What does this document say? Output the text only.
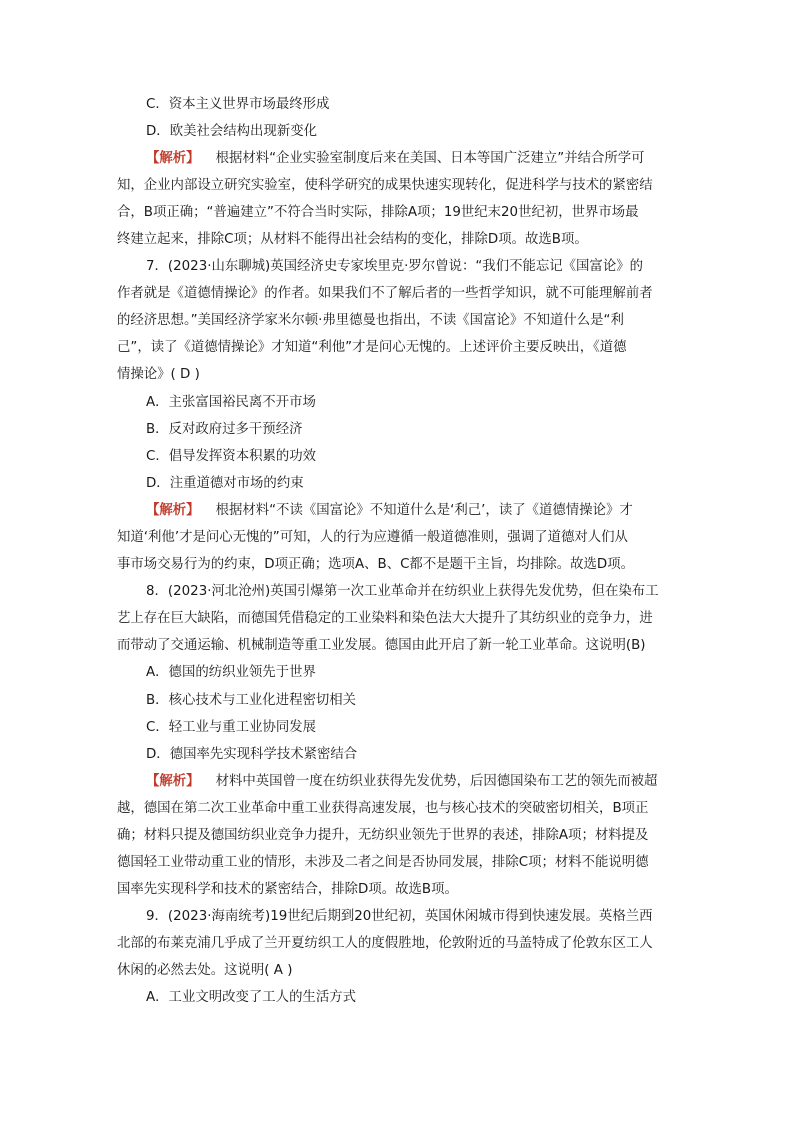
C．资本主义世界市场最终形成
D．欧美社会结构出现新变化
【解析】 根据材料“企业实验室制度后来在美国、日本等国广泛建立”并结合所学可
知，企业内部设立研究实验室，使科学研究的成果快速实现转化，促进科学与技术的紧密结
合，B项正确；“普遍建立”不符合当时实际，排除A项；19世纪末20世纪初，世界市场最
终建立起来，排除C项；从材料不能得出社会结构的变化，排除D项。故选B项。
7．(2023·山东聊城)英国经济史专家埃里克·罗尔曾说：“我们不能忘记《国富论》的
作者就是《道德情操论》的作者。如果我们不了解后者的一些哲学知识，就不可能理解前者
的经济思想。”美国经济学家米尔顿·弗里德曼也指出，不读《国富论》不知道什么是“利
己”，读了《道德情操论》才知道“利他”才是问心无愧的。上述评价主要反映出，《道德
情操论》( D )
A．主张富国裕民离不开市场
B．反对政府过多干预经济
C．倡导发挥资本积累的功效
D．注重道德对市场的约束
【解析】 根据材料“不读《国富论》不知道什么是‘利己’，读了《道德情操论》才
知道‘利他’才是问心无愧的”可知，人的行为应遵循一般道德准则，强调了道德对人们从
事市场交易行为的约束，D项正确；选项A、B、C都不是题干主旨，均排除。故选D项。
8．(2023·河北沧州)英国引爆第一次工业革命并在纺织业上获得先发优势，但在染布工
艺上存在巨大缺陷，而德国凭借稳定的工业染料和染色法大大提升了其纺织业的竞争力，进
而带动了交通运输、机械制造等重工业发展。德国由此开启了新一轮工业革命。这说明(B)
A．德国的纺织业领先于世界
B．核心技术与工业化进程密切相关
C．轻工业与重工业协同发展
D．德国率先实现科学技术紧密结合
【解析】 材料中英国曾一度在纺织业获得先发优势，后因德国染布工艺的领先而被超
越，德国在第二次工业革命中重工业获得高速发展，也与核心技术的突破密切相关，B项正
确；材料只提及德国纺织业竞争力提升，无纺织业领先于世界的表述，排除A项；材料提及
德国轻工业带动重工业的情形，未涉及二者之间是否协同发展，排除C项；材料不能说明德
国率先实现科学和技术的紧密结合，排除D项。故选B项。
9．(2023·海南统考)19世纪后期到20世纪初，英国休闲城市得到快速发展。英格兰西
北部的布莱克浦几乎成了兰开夏纺织工人的度假胜地，伦敦附近的马盖特成了伦敦东区工人
休闲的必然去处。这说明( A )
A．工业文明改变了工人的生活方式
